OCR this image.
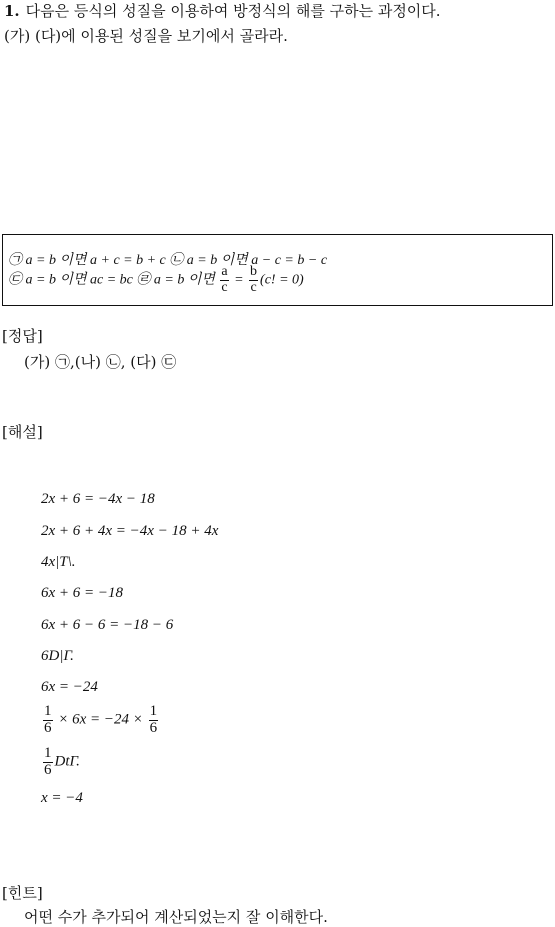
1. 다음은 등식의 성질을 이용하여 방정식의 해를 구하는 과정이다.
(가) (다)에 이용된 성질을 보기에서 골라라.
㉠ a = b 이면 a + c = b + c ㉡ a = b 이면 a − c = b − c
㉢ a = b 이면 ac = bc ㉣ a = b 이면 $\frac{a}{c} = \frac{b}{c} (c$! = 0)
[정답]
(가) ㉠,(나) ㉡, (다) ㉢
[해설]
2x + 6 = −4x − 18
2x + 6 + 4x = −4x − 18 + 4x
4x|T\.
6x + 6 = −18
6x + 6 − 6 = −18 − 6
6D|Γ.
6x = −24
$\frac{1}{6} \times 6x = -24 \times \frac{1}{6}$
$\frac{1}{6} Dt\Gamma$.
x = −4
[힌트]
어떤 수가 추가되어 계산되었는지 잘 이해한다.
